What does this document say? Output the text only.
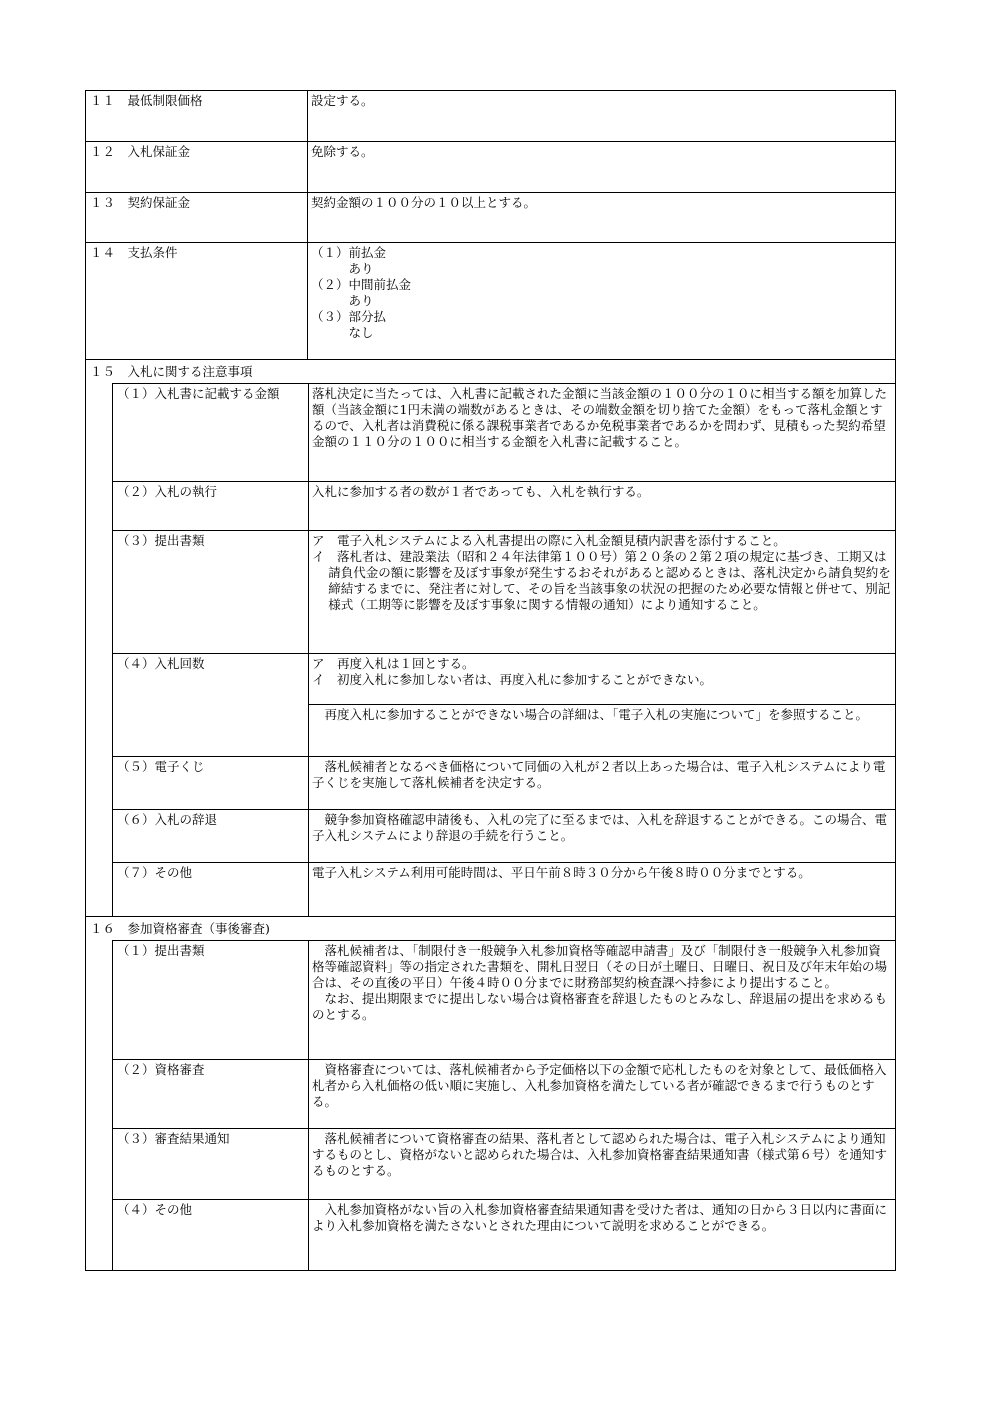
１１　最低制限価格	設定する。

１２　入札保証金	免除する。

１３　契約保証金	契約金額の１００分の１０以上とする。

１４　支払条件	（１）前払金

　　　あり

（２）中間前払金

　　　あり

（３）部分払

　　　なし

１５　入札に関する注意事項
（１）入札書に記載する金額	落札決定に当たっては、入札書に記載された金額に当該金額の１００分の１０に相当する額を加算した額（当該金額に1円未満の端数があるときは、その端数金額を切り捨てた金額）をもって落札金額とするので、入札者は消費税に係る課税事業者であるか免税事業者であるかを問わず、見積もった契約希望金額の１１０分の１００に相当する金額を入札書に記載すること。

（２）入札の執行	入札に参加する者の数が１者であっても、入札を執行する。

（３）提出書類	ア　電子入札システムによる入札書提出の際に入札金額見積内訳書を添付すること。

イ　落札者は、建設業法（昭和２４年法律第１００号）第２０条の２第２項の規定に基づき、工期又は請負代金の額に影響を及ぼす事象が発生するおそれがあると認めるときは、落札決定から請負契約を締結するまでに、発注者に対して、その旨を当該事象の状況の把握のため必要な情報と併せて、別記様式（工期等に影響を及ぼす事象に関する情報の通知）により通知すること。

（４）入札回数	ア　再度入札は１回とする。

イ　初度入札に参加しない者は、再度入札に参加することができない。

　再度入札に参加することができない場合の詳細は、「電子入札の実施について」を参照すること。

（５）電子くじ	　落札候補者となるべき価格について同価の入札が２者以上あった場合は、電子入札システムにより電子くじを実施して落札候補者を決定する。

（６）入札の辞退	　競争参加資格確認申請後も、入札の完了に至るまでは、入札を辞退することができる。この場合、電子入札システムにより辞退の手続を行うこと。

（７）その他	電子入札システム利用可能時間は、平日午前８時３０分から午後８時００分までとする。

１６　参加資格審査（事後審査)
（１）提出書類	　落札候補者は、「制限付き一般競争入札参加資格等確認申請書」及び「制限付き一般競争入札参加資格等確認資料」等の指定された書類を、開札日翌日（その日が土曜日、日曜日、祝日及び年末年始の場合は、その直後の平日）午後４時００分までに財務部契約検査課へ持参により提出すること。

　なお、提出期限までに提出しない場合は資格審査を辞退したものとみなし、辞退届の提出を求めるものとする。

（２）資格審査	　資格審査については、落札候補者から予定価格以下の金額で応札したものを対象として、最低価格入札者から入札価格の低い順に実施し、入札参加資格を満たしている者が確認できるまで行うものとする。

（３）審査結果通知	　落札候補者について資格審査の結果、落札者として認められた場合は、電子入札システムにより通知するものとし、資格がないと認められた場合は、入札参加資格審査結果通知書（様式第６号）を通知するものとする。

（４）その他	　入札参加資格がない旨の入札参加資格審査結果通知書を受けた者は、通知の日から３日以内に書面により入札参加資格を満たさないとされた理由について説明を求めることができる。
